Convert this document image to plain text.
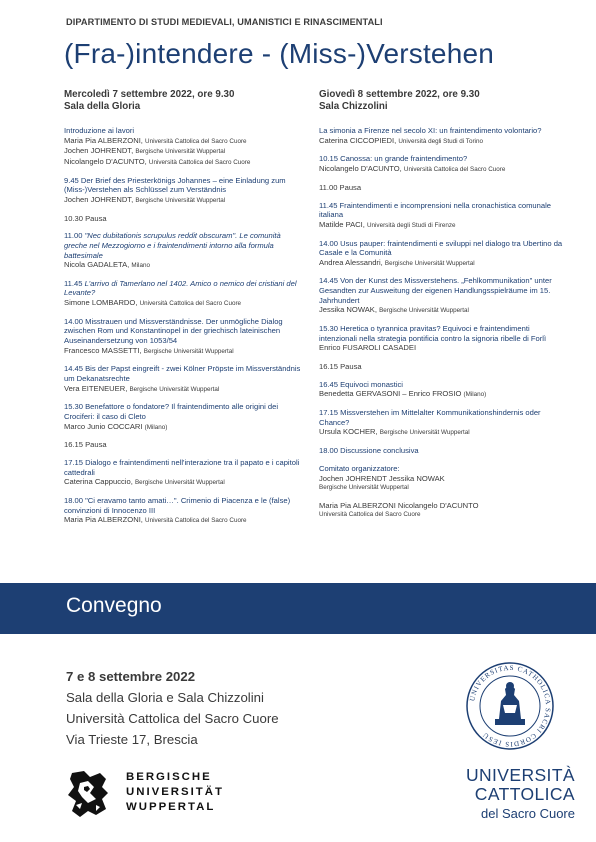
DIPARTIMENTO DI STUDI MEDIEVALI, UMANISTICI E RINASCIMENTALI
(Fra-)intendere - (Miss-)Verstehen
Mercoledì 7 settembre 2022, ore 9.30
Sala della Gloria
Introduzione ai lavori
Maria Pia ALBERZONI, Università Cattolica del Sacro Cuore
Jochen JOHRENDT, Bergische Universität Wuppertal
Nicolangelo D'ACUNTO, Università Cattolica del Sacro Cuore
9.45 Der Brief des Priesterkönigs Johannes – eine Einladung zum (Miss-)Verstehen als Schlüssel zum Verständnis
Jochen JOHRENDT, Bergische Universität Wuppertal
10.30 Pausa
11.00 "Nec dubitationis scrupulus reddit obscuram". Le comunità greche nel Mezzogiorno e i fraintendimenti intorno alla formula battesimale
Nicola GADALETA, Milano
11.45 L'arrivo di Tamerlano nel 1402. Amico o nemico dei cristiani del Levante?
Simone LOMBARDO, Università Cattolica del Sacro Cuore
14.00 Misstrauen und Missverständnisse. Der unmögliche Dialog zwischen Rom und Konstantinopel in der griechisch lateinischen Auseinandersetzung von 1053/54
Francesco MASSETTI, Bergische Universität Wuppertal
14.45 Bis der Papst eingreift - zwei Kölner Pröpste im Missverständnis um Dekanatsrechte
Vera EITENEUER, Bergische Universität Wuppertal
15.30 Benefattore o fondatore? Il fraintendimento alle origini dei Crociferi: il caso di Cleto
Marco Junio COCCARI (Milano)
16.15 Pausa
17.15 Dialogo e fraintendimenti nell'interazione tra il papato e i capitoli cattedrali
Caterina Cappuccio, Bergische Universität Wuppertal
18.00 "Ci eravamo tanto amati…". Crimenio di Piacenza e le (false) convinzioni di Innocenzo III
Maria Pia ALBERZONI, Università Cattolica del Sacro Cuore
Giovedì 8 settembre 2022, ore 9.30
Sala Chizzolini
La simonia a Firenze nel secolo XI: un fraintendimento volontario?
Caterina CICCOPIEDI, Università degli Studi di Torino
10.15 Canossa: un grande fraintendimento?
Nicolangelo D'ACUNTO, Università Cattolica del Sacro Cuore
11.00 Pausa
11.45 Fraintendimenti e incomprensioni nella cronachistica comunale italiana
Matilde PACI, Università degli Studi di Firenze
14.00 Usus pauper: fraintendimenti e sviluppi nel dialogo tra Ubertino da Casale e la Comunità
Andrea Alessandri, Bergische Universität Wuppertal
14.45 Von der Kunst des Missverstehens. „Fehlkommunikation" unter Gesandten zur Ausweitung der eigenen Handlungsspielräume im 15. Jahrhundert
Jessika NOWAK, Bergische Universität Wuppertal
15.30 Heretica o tyrannica pravitas? Equivoci e fraintendimenti intenzionali nella strategia pontificia contro la signoria ribelle di Forlì
Enrico FUSAROLI CASADEI
16.15 Pausa
16.45 Equivoci monastici
Benedetta GERVASONI – Enrico FROSIO (Milano)
17.15 Missverstehen im Mittelalter Kommunikationshindernis oder Chance?
Ursula KOCHER, Bergische Universität Wuppertal
18.00 Discussione conclusiva
Comitato organizzatore:
Jochen JOHRENDT Jessika NOWAK
Bergische Universität Wuppertal
Maria Pia ALBERZONI Nicolangelo D'ACUNTO
Università Cattolica del Sacro Cuore
Convegno
7 e 8 settembre 2022
Sala della Gloria e Sala Chizzolini
Università Cattolica del Sacro Cuore
Via Trieste 17, Brescia
BERGISCHE
UNIVERSITÄT
WUPPERTAL
UNIVERSITAS CATHOLICA SACRI CORDIS IESU
UNIVERSITÀ
CATTOLICA
del Sacro Cuore
